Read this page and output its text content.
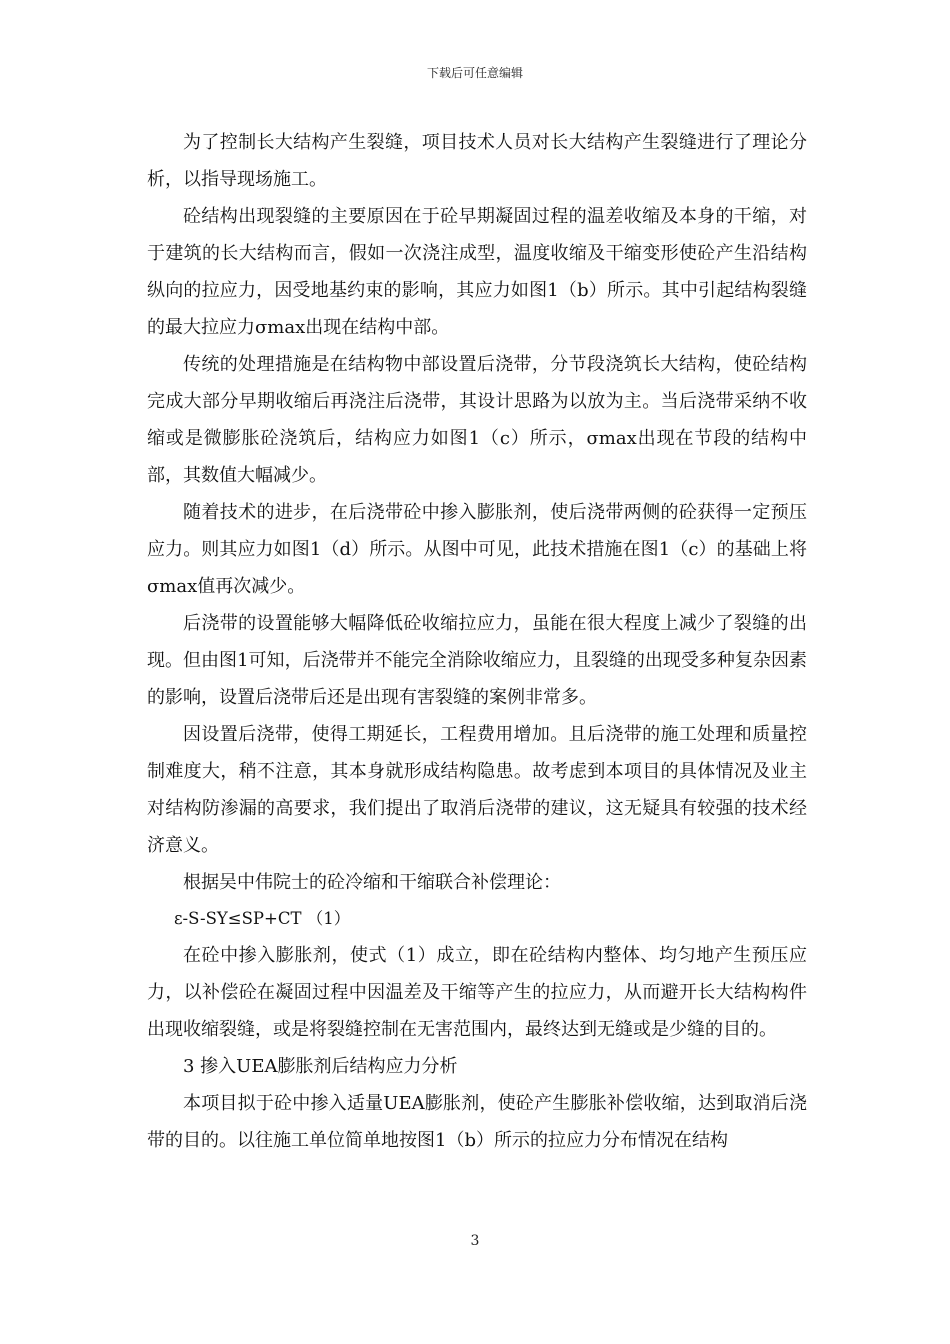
下载后可任意编辑

为了控制长大结构产生裂缝，项目技术人员对长大结构产生裂缝进行了理论分析，以指导现场施工。

砼结构出现裂缝的主要原因在于砼早期凝固过程的温差收缩及本身的干缩，对于建筑的长大结构而言，假如一次浇注成型，温度收缩及干缩变形使砼产生沿结构纵向的拉应力，因受地基约束的影响，其应力如图1（b）所示。其中引起结构裂缝的最大拉应力σmax出现在结构中部。

传统的处理措施是在结构物中部设置后浇带，分节段浇筑长大结构，使砼结构完成大部分早期收缩后再浇注后浇带，其设计思路为以放为主。当后浇带采纳不收缩或是微膨胀砼浇筑后，结构应力如图1（c）所示，σmax出现在节段的结构中部，其数值大幅减少。

随着技术的进步，在后浇带砼中掺入膨胀剂，使后浇带两侧的砼获得一定预压应力。则其应力如图1（d）所示。从图中可见，此技术措施在图1（c）的基础上将σmax值再次减少。

后浇带的设置能够大幅降低砼收缩拉应力，虽能在很大程度上减少了裂缝的出现。但由图1可知，后浇带并不能完全消除收缩应力，且裂缝的出现受多种复杂因素的影响，设置后浇带后还是出现有害裂缝的案例非常多。

因设置后浇带，使得工期延长，工程费用增加。且后浇带的施工处理和质量控制难度大，稍不注意，其本身就形成结构隐患。故考虑到本项目的具体情况及业主对结构防渗漏的高要求，我们提出了取消后浇带的建议，这无疑具有较强的技术经济意义。

根据吴中伟院士的砼冷缩和干缩联合补偿理论：

ε-S-SY≤SP+CT （1）

在砼中掺入膨胀剂，使式（1）成立，即在砼结构内整体、均匀地产生预压应力，以补偿砼在凝固过程中因温差及干缩等产生的拉应力，从而避开长大结构构件出现收缩裂缝，或是将裂缝控制在无害范围内，最终达到无缝或是少缝的目的。

3 掺入UEA膨胀剂后结构应力分析

本项目拟于砼中掺入适量UEA膨胀剂，使砼产生膨胀补偿收缩，达到取消后浇带的目的。以往施工单位简单地按图1（b）所示的拉应力分布情况在结构

3
